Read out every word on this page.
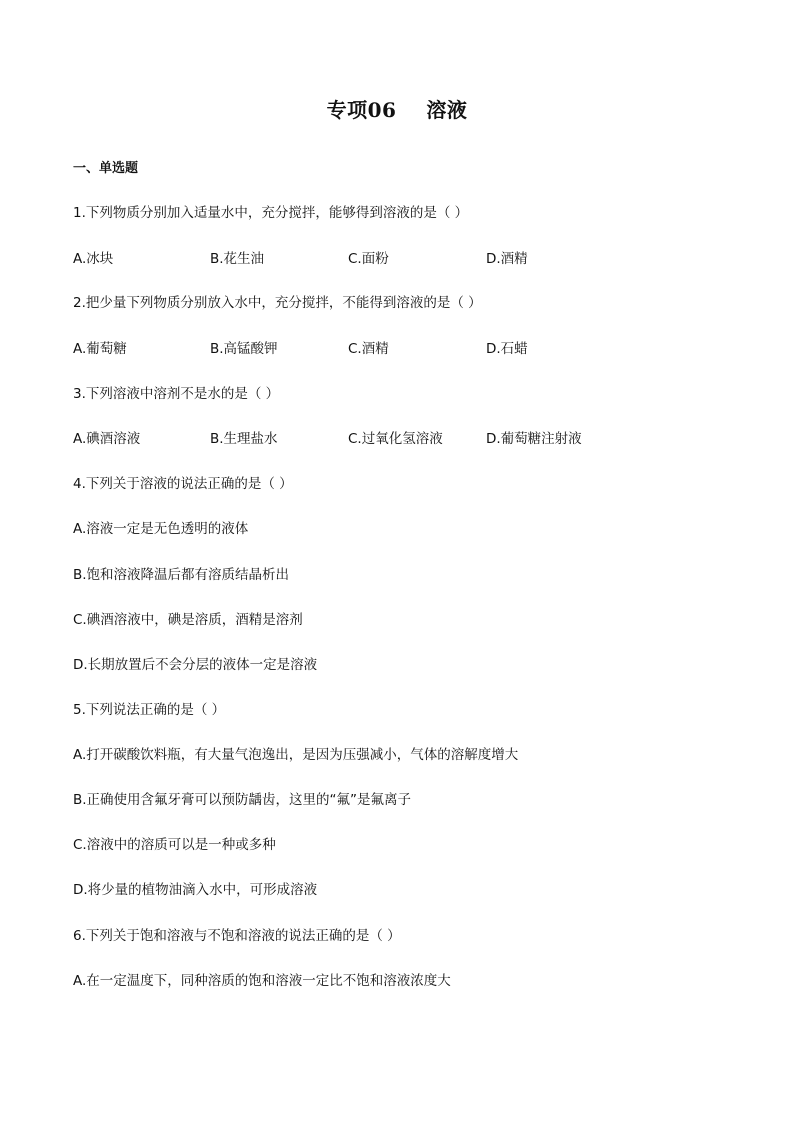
专项06 溶液
一、单选题
1.下列物质分别加入适量水中，充分搅拌，能够得到溶液的是（ ）
A.冰块	B.花生油	C.面粉	D.酒精
2.把少量下列物质分别放入水中，充分搅拌，不能得到溶液的是（ ）
A.葡萄糖	B.高锰酸钾	C.酒精	D.石蜡
3.下列溶液中溶剂不是水的是（ ）
A.碘酒溶液	B.生理盐水	C.过氧化氢溶液	D.葡萄糖注射液
4.下列关于溶液的说法正确的是（ ）
A.溶液一定是无色透明的液体
B.饱和溶液降温后都有溶质结晶析出
C.碘酒溶液中，碘是溶质，酒精是溶剂
D.长期放置后不会分层的液体一定是溶液
5.下列说法正确的是（ ）
A.打开碳酸饮料瓶，有大量气泡逸出，是因为压强减小，气体的溶解度增大
B.正确使用含氟牙膏可以预防龋齿，这里的“氟”是氟离子
C.溶液中的溶质可以是一种或多种
D.将少量的植物油滴入水中，可形成溶液
6.下列关于饱和溶液与不饱和溶液的说法正确的是（ ）
A.在一定温度下，同种溶质的饱和溶液一定比不饱和溶液浓度大
